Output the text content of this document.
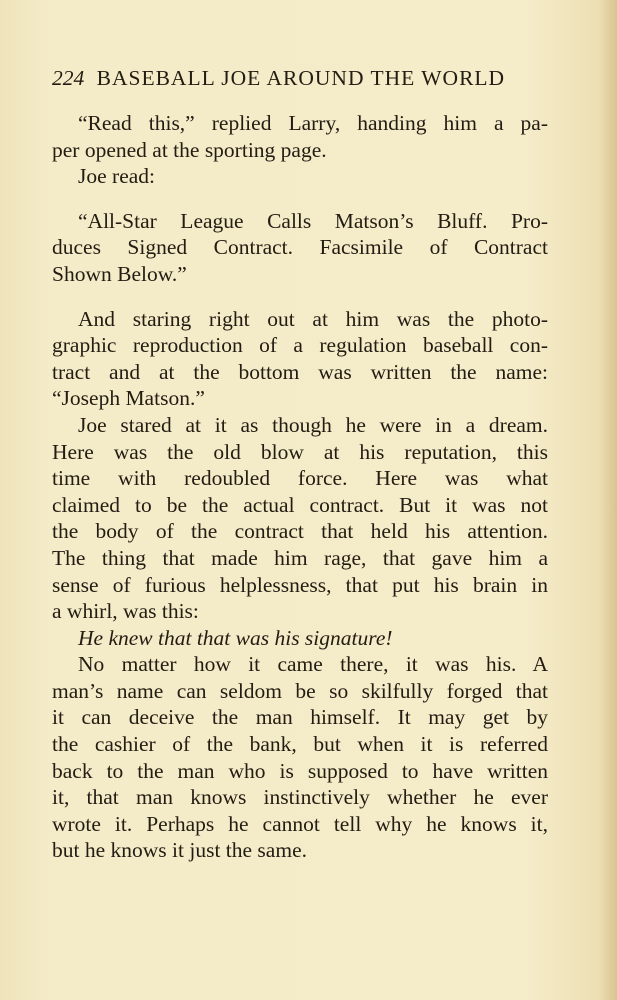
224 BASEBALL JOE AROUND THE WORLD
“Read this,” replied Larry, handing him a pa-
per opened at the sporting page.
Joe read:
“All-Star League Calls Matson’s Bluff. Pro-
duces Signed Contract. Facsimile of Contract
Shown Below.”
And staring right out at him was the photo-
graphic reproduction of a regulation baseball con-
tract and at the bottom was written the name:
“Joseph Matson.”
Joe stared at it as though he were in a dream.
Here was the old blow at his reputation, this
time with redoubled force. Here was what
claimed to be the actual contract. But it was not
the body of the contract that held his attention.
The thing that made him rage, that gave him a
sense of furious helplessness, that put his brain in
a whirl, was this:
He knew that that was his signature!
No matter how it came there, it was his. A
man’s name can seldom be so skilfully forged that
it can deceive the man himself. It may get by
the cashier of the bank, but when it is referred
back to the man who is supposed to have written
it, that man knows instinctively whether he ever
wrote it. Perhaps he cannot tell why he knows it,
but he knows it just the same.
